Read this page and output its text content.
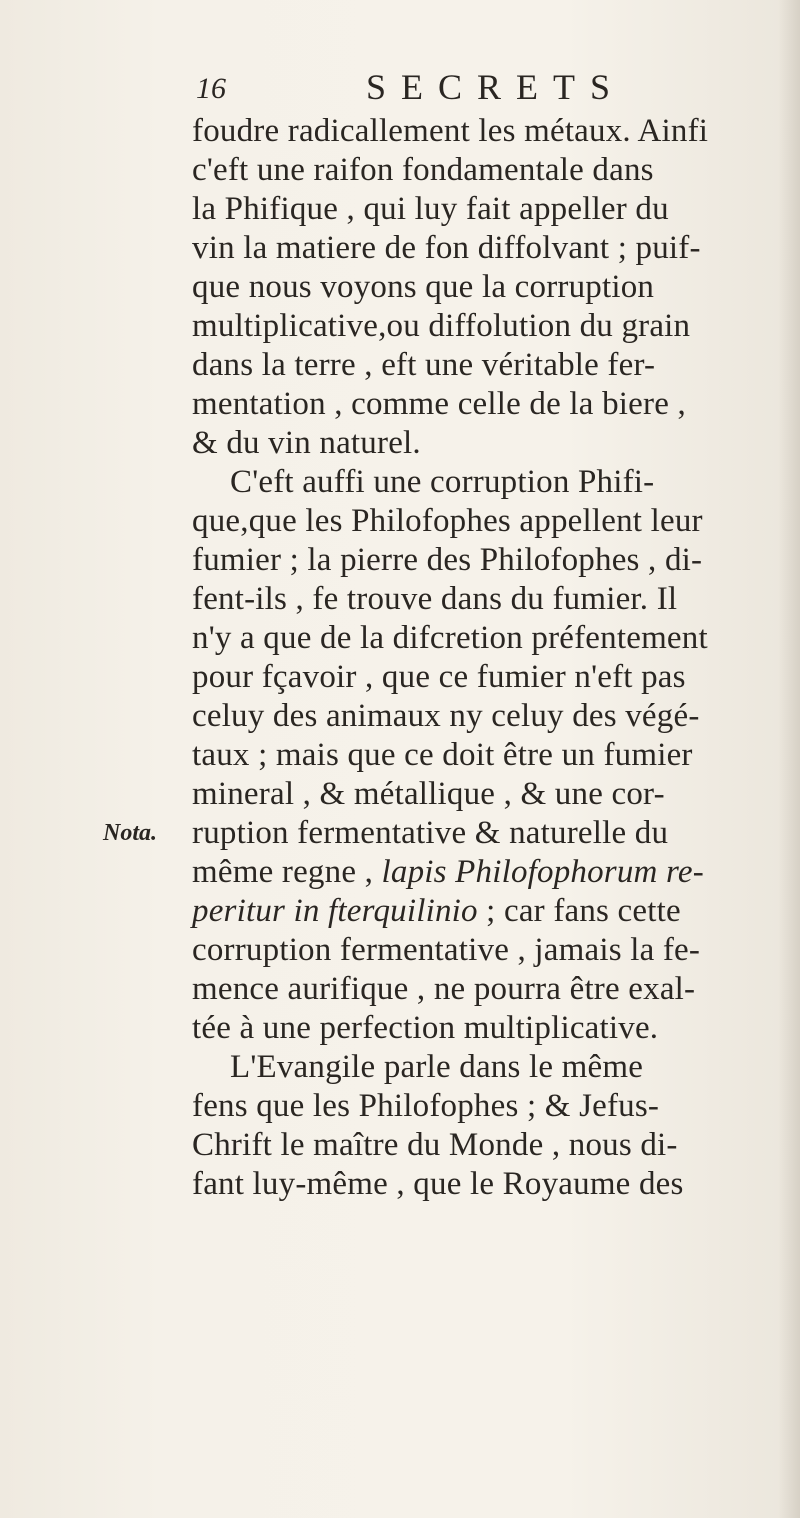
16	SECRETS
Nota.
foudre radicallement les métaux. Ainfi
c'eft une raifon fondamentale dans
la Phifique , qui luy fait appeller du
vin la matiere de fon diffolvant ; puif-
que nous voyons que la corruption
multiplicative,ou diffolution du grain
dans la terre , eft une véritable fer-
mentation , comme celle de la biere ,
& du vin naturel.
C'eft auffi une corruption Phifi-
que,que les Philofophes appellent leur
fumier ; la pierre des Philofophes , di-
fent-ils , fe trouve dans du fumier. Il
n'y a que de la difcretion préfentement
pour fçavoir , que ce fumier n'eft pas
celuy des animaux ny celuy des végé-
taux ; mais que ce doit être un fumier
mineral , & métallique , & une cor-
ruption fermentative & naturelle du
même regne , lapis Philofophorum re-
peritur in fterquilinio ; car fans cette
corruption fermentative , jamais la fe-
mence aurifique , ne pourra être exal-
tée à une perfection multiplicative.
L'Evangile parle dans le même
fens que les Philofophes ; & Jefus-
Chrift le maître du Monde , nous di-
fant luy-même , que le Royaume des
